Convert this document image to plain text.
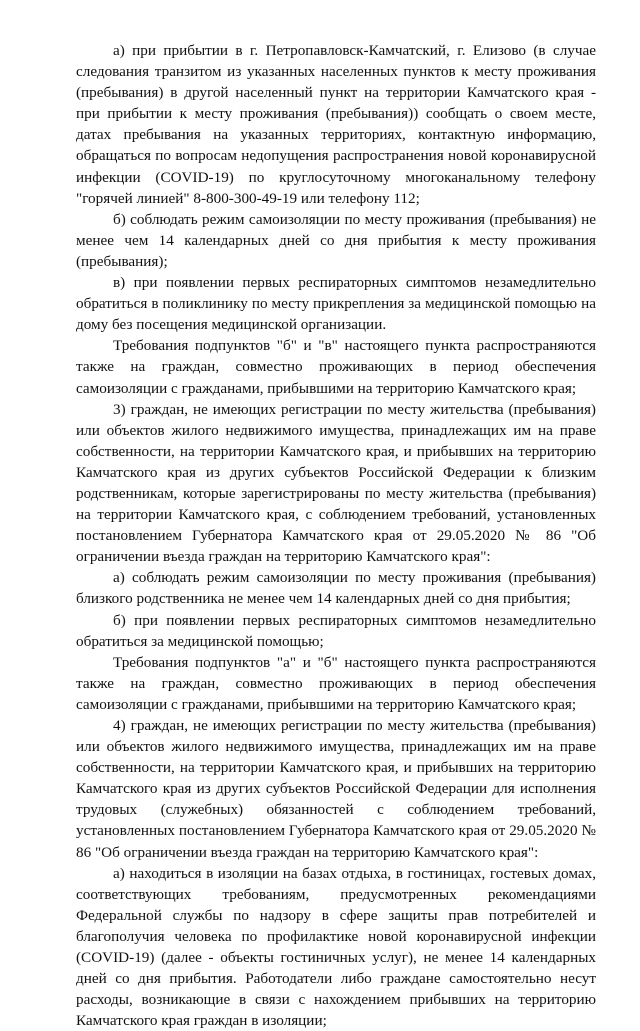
а) при прибытии в г. Петропавловск-Камчатский, г. Елизово (в случае следования транзитом из указанных населенных пунктов к месту проживания (пребывания) в другой населенный пункт на территории Камчатского края - при прибытии к месту проживания (пребывания)) сообщать о своем месте, датах пребывания на указанных территориях, контактную информацию, обращаться по вопросам недопущения распространения новой коронавирусной инфекции (COVID-19) по круглосуточному многоканальному телефону "горячей линией" 8-800-300-49-19 или телефону 112;

б) соблюдать режим самоизоляции по месту проживания (пребывания) не менее чем 14 календарных дней со дня прибытия к месту проживания (пребывания);

в) при появлении первых респираторных симптомов незамедлительно обратиться в поликлинику по месту прикрепления за медицинской помощью на дому без посещения медицинской организации.

Требования подпунктов "б" и "в" настоящего пункта распространяются также на граждан, совместно проживающих в период обеспечения самоизоляции с гражданами, прибывшими на территорию Камчатского края;

3) граждан, не имеющих регистрации по месту жительства (пребывания) или объектов жилого недвижимого имущества, принадлежащих им на праве собственности, на территории Камчатского края, и прибывших на территорию Камчатского края из других субъектов Российской Федерации к близким родственникам, которые зарегистрированы по месту жительства (пребывания) на территории Камчатского края, с соблюдением требований, установленных постановлением Губернатора Камчатского края от 29.05.2020 № 86 "Об ограничении въезда граждан на территорию Камчатского края":

а) соблюдать режим самоизоляции по месту проживания (пребывания) близкого родственника не менее чем 14 календарных дней со дня прибытия;

б) при появлении первых респираторных симптомов незамедлительно обратиться за медицинской помощью;

Требования подпунктов "а" и "б" настоящего пункта распространяются также на граждан, совместно проживающих в период обеспечения самоизоляции с гражданами, прибывшими на территорию Камчатского края;

4) граждан, не имеющих регистрации по месту жительства (пребывания) или объектов жилого недвижимого имущества, принадлежащих им на праве собственности, на территории Камчатского края, и прибывших на территорию Камчатского края из других субъектов Российской Федерации для исполнения трудовых (служебных) обязанностей с соблюдением требований, установленных постановлением Губернатора Камчатского края от 29.05.2020 № 86 "Об ограничении въезда граждан на территорию Камчатского края":

а) находиться в изоляции на базах отдыха, в гостиницах, гостевых домах, соответствующих требованиям, предусмотренных рекомендациями Федеральной службы по надзору в сфере защиты прав потребителей и благополучия человека по профилактике новой коронавирусной инфекции (COVID-19) (далее - объекты гостиничных услуг), не менее 14 календарных дней со дня прибытия. Работодатели либо граждане самостоятельно несут расходы, возникающие в связи с нахождением прибывших на территорию Камчатского края граждан в изоляции;
